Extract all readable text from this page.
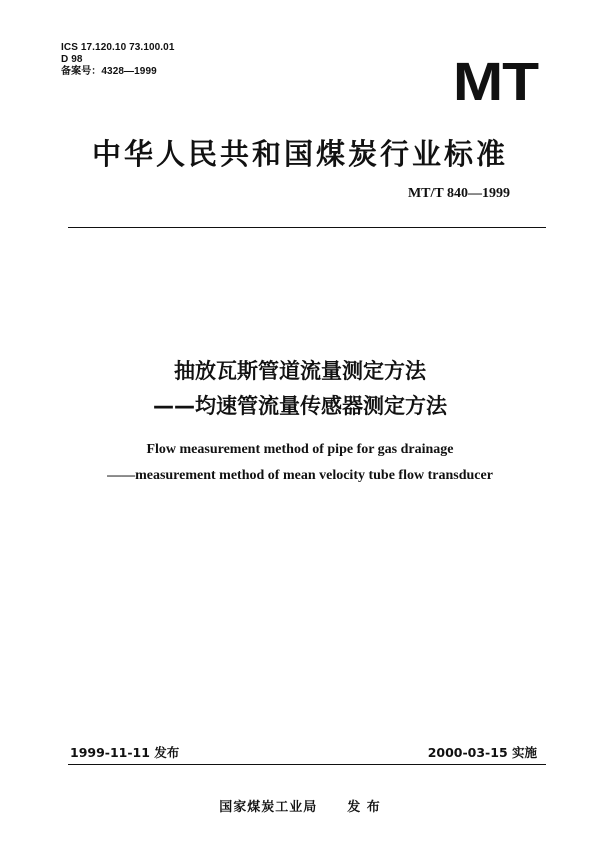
ICS 17.120.10 73.100.01
D 98
备案号：4328—1999	MT
中华人民共和国煤炭行业标准
MT/T 840—1999
抽放瓦斯管道流量测定方法
——均速管流量传感器测定方法
Flow measurement method of pipe for gas drainage
——measurement method of mean velocity tube flow transducer
1999-11-11 发布	2000-03-15 实施
国家煤炭工业局 发 布
